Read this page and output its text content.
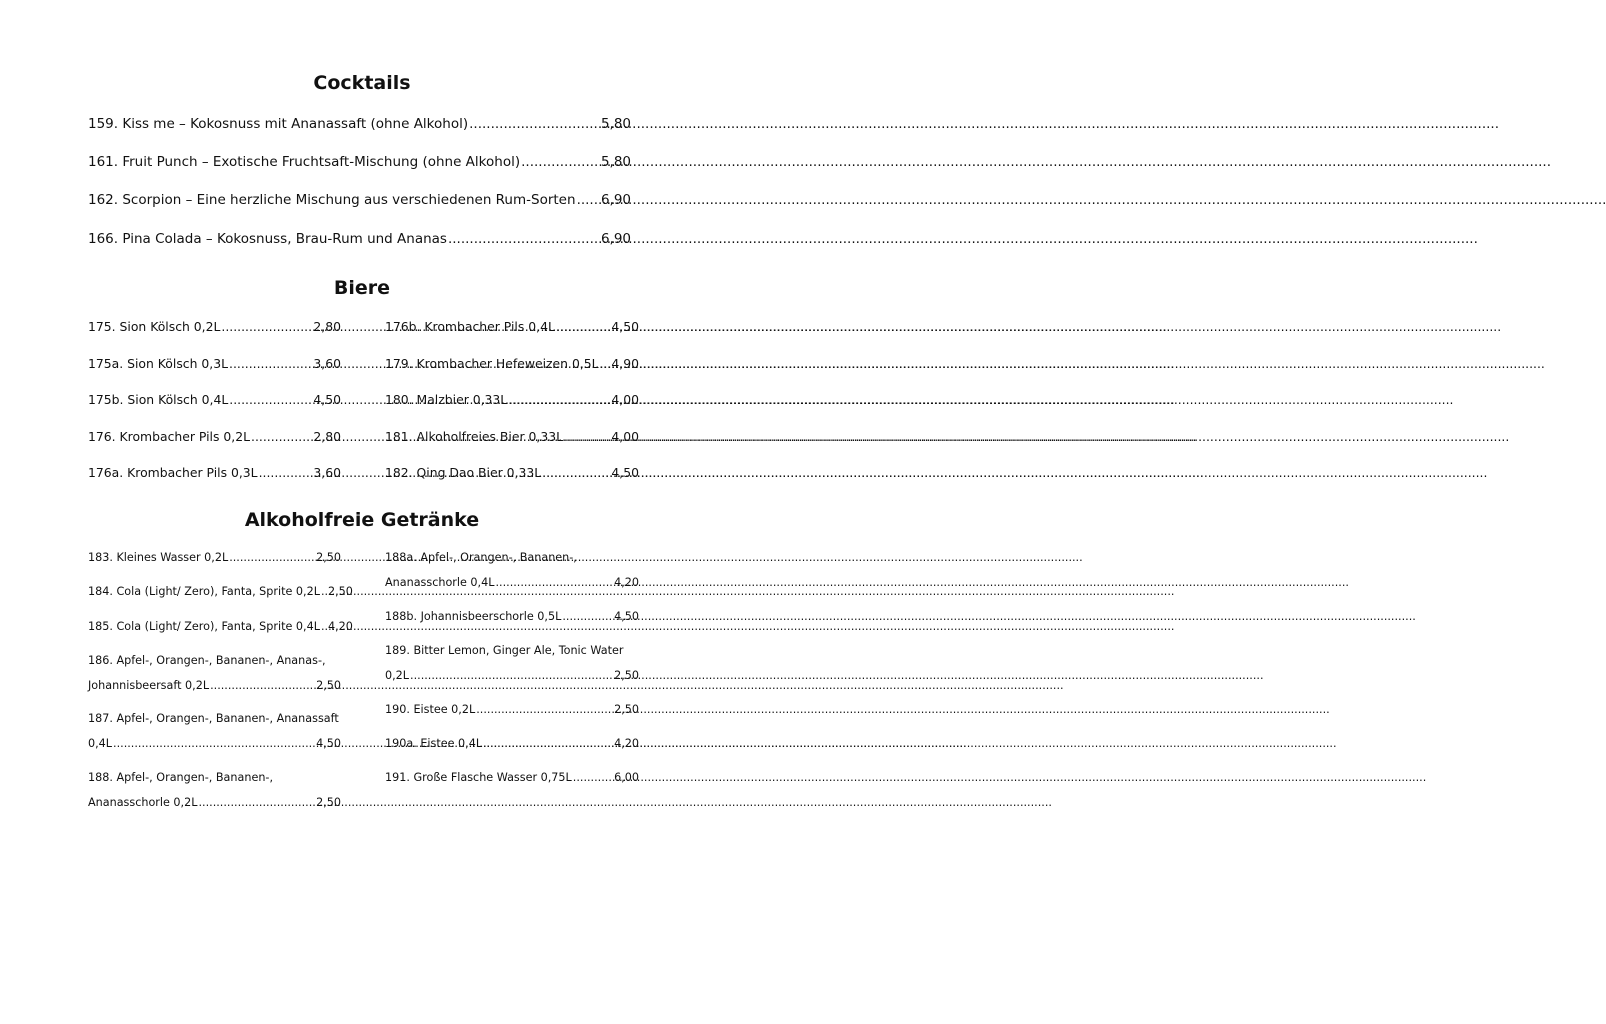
Cocktails
159. Kiss me – Kokosnuss mit Ananassaft (ohne Alkohol) .....	5,80
161. Fruit Punch – Exotische Fruchtsaft-Mischung (ohne Alkohol) .....	5,80
162. Scorpion – Eine herzliche Mischung aus verschiedenen Rum-Sorten ..... 6,90
166. Pina Colada – Kokosnuss, Brau-Rum und Ananas .....	6,90
Biere
175. Sion Kölsch 0,2L .....	2,80
175a. Sion Kölsch 0,3L .....	3,60
175b. Sion Kölsch 0,4L .....	4,50
176. Krombacher Pils 0,2L .....	2,80
176a. Krombacher Pils 0,3L .....	3,60
176b. Krombacher Pils 0,4L .....	4,50
179. Krombacher Hefeweizen 0,5L ..... 4,90
180. Malzbier 0,33L .....	4,00
181. Alkoholfreies Bier 0,33L .....	4,00
182. Qing Dao Bier 0,33L .....	4,50
Alkoholfreie Getränke
183. Kleines Wasser 0,2L .....	2,50
184. Cola (Light/ Zero), Fanta, Sprite 0,2L ..... 2,50
185. Cola (Light/ Zero), Fanta, Sprite 0,4L ..... 4,20
186. Apfel-, Orangen-, Bananen-, Ananas-,
Johannisbeersaft 0,2L .....	2,50
187. Apfel-, Orangen-, Bananen-, Ananassaft
0,4L .....	4,50
188. Apfel-, Orangen-, Bananen-,
Ananasschorle 0,2L .....	2,50
188a. Apfel-, Orangen-, Bananen-,
Ananasschorle 0,4L .....	4,20
188b. Johannisbeerschorle 0,5L .....	4,50
189. Bitter Lemon, Ginger Ale, Tonic Water
0,2L .....	2,50
190. Eistee 0,2L .....	2,50
190a. Eistee 0,4L .....	4,20
191. Große Flasche Wasser 0,75L .....	6,00
